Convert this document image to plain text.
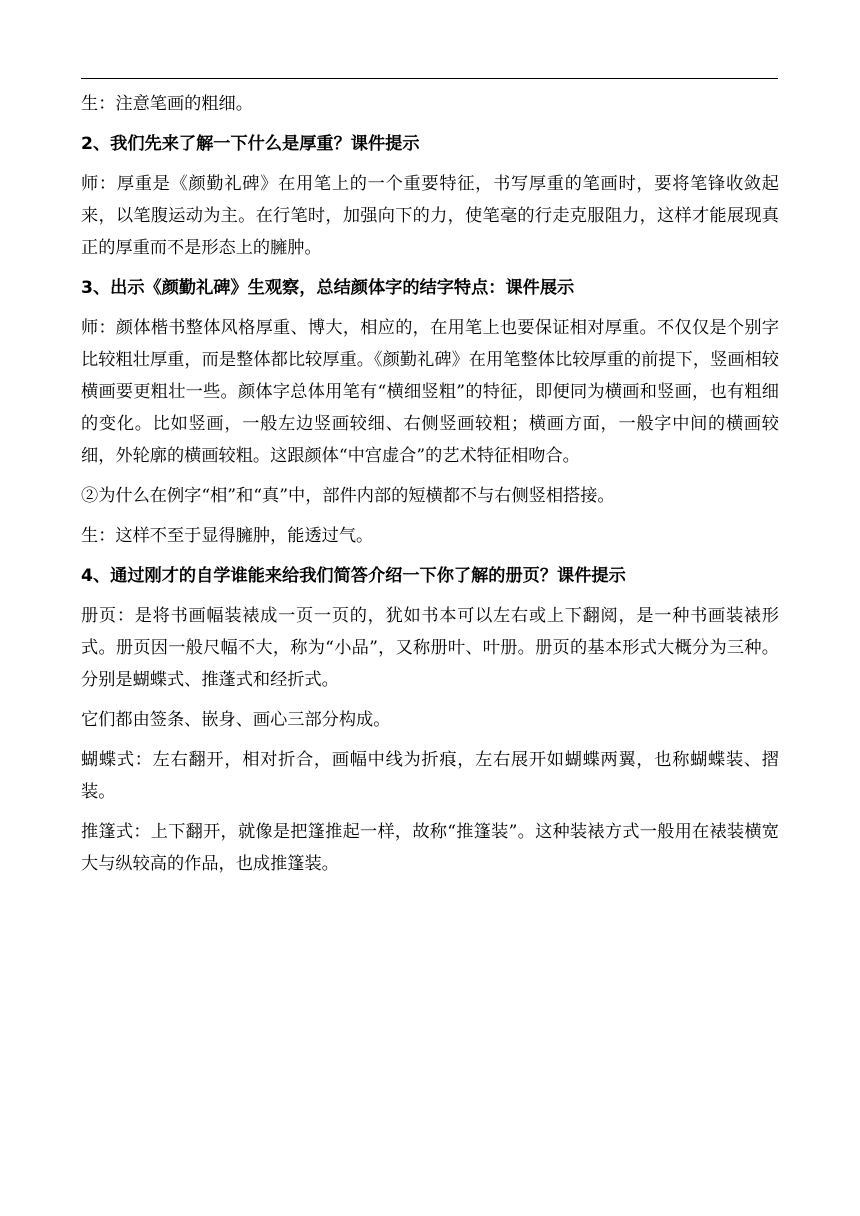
生：注意笔画的粗细。

2、我们先来了解一下什么是厚重？课件提示

师：厚重是《颜勤礼碑》在用笔上的一个重要特征，书写厚重的笔画时，要将笔锋收敛起来，以笔腹运动为主。在行笔时，加强向下的力，使笔毫的行走克服阻力，这样才能展现真正的厚重而不是形态上的臃肿。

3、出示《颜勤礼碑》生观察，总结颜体字的结字特点：课件展示

师：颜体楷书整体风格厚重、博大，相应的，在用笔上也要保证相对厚重。不仅仅是个别字比较粗壮厚重，而是整体都比较厚重。《颜勤礼碑》在用笔整体比较厚重的前提下，竖画相较横画要更粗壮一些。颜体字总体用笔有“横细竖粗”的特征，即便同为横画和竖画，也有粗细的变化。比如竖画，一般左边竖画较细、右侧竖画较粗；横画方面，一般字中间的横画较细，外轮廓的横画较粗。这跟颜体“中宫虚合”的艺术特征相吻合。

②为什么在例字“相”和“真”中，部件内部的短横都不与右侧竖相搭接。

生：这样不至于显得臃肿，能透过气。

4、通过刚才的自学谁能来给我们简答介绍一下你了解的册页？课件提示

册页：是将书画幅装裱成一页一页的，犹如书本可以左右或上下翻阅，是一种书画装裱形式。册页因一般尺幅不大，称为“小品”，又称册叶、叶册。册页的基本形式大概分为三种。分别是蝴蝶式、推蓬式和经折式。

它们都由签条、嵌身、画心三部分构成。

蝴蝶式：左右翻开，相对折合，画幅中线为折痕，左右展开如蝴蝶两翼，也称蝴蝶装、摺装。

推篷式：上下翻开，就像是把篷推起一样，故称“推篷装”。这种装裱方式一般用在裱装横宽大与纵较高的作品，也成推篷装。
